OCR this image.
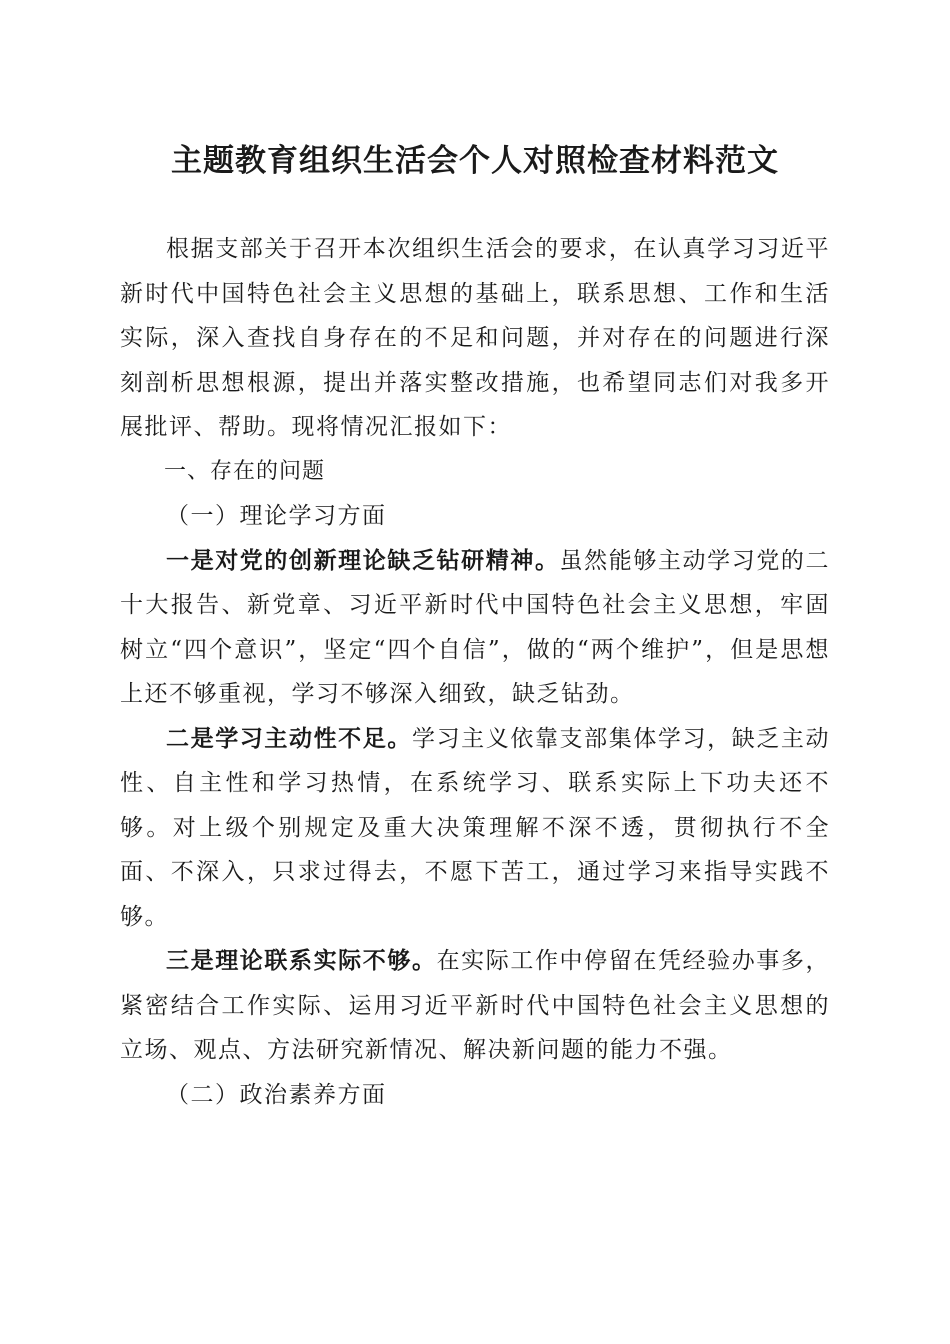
主题教育组织生活会个人对照检查材料范文

根据支部关于召开本次组织生活会的要求，在认真学习习近平新时代中国特色社会主义思想的基础上，联系思想、工作和生活实际，深入查找自身存在的不足和问题，并对存在的问题进行深刻剖析思想根源，提出并落实整改措施，也希望同志们对我多开展批评、帮助。现将情况汇报如下：

一、存在的问题

（一）理论学习方面

一是对党的创新理论缺乏钻研精神。虽然能够主动学习党的二十大报告、新党章、习近平新时代中国特色社会主义思想，牢固树立“四个意识”，坚定“四个自信”，做的“两个维护”，但是思想上还不够重视，学习不够深入细致，缺乏钻劲。

二是学习主动性不足。学习主义依靠支部集体学习，缺乏主动性、自主性和学习热情，在系统学习、联系实际上下功夫还不够。对上级个别规定及重大决策理解不深不透，贯彻执行不全面、不深入，只求过得去，不愿下苦工，通过学习来指导实践不够。

三是理论联系实际不够。在实际工作中停留在凭经验办事多，紧密结合工作实际、运用习近平新时代中国特色社会主义思想的立场、观点、方法研究新情况、解决新问题的能力不强。

（二）政治素养方面
